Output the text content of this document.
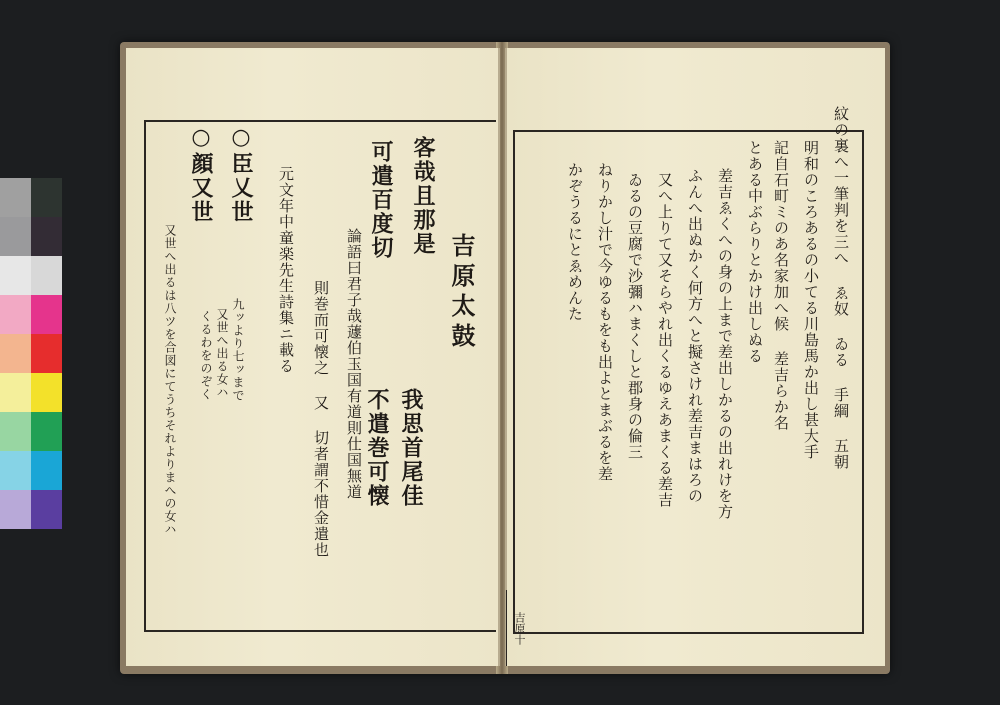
吉原太鼓
客哉且那是
可遣百度切
我思首尾佳
不遣巻可懐
論語曰君子哉蘧伯玉国有道則仕国無道
則巻而可懐之 又 切者謂不惜金遣也
元文年中童楽先生詩集ニ載る
○臣乂世
○顔又世
九ッより七ッまで
又世へ出る女ハ
くるわをのぞく
又世へ出るは八ツを合図にてうちそれよりまへの女ハ	紋の裏へ一筆判を三へ ゑ奴 ゐる 手綱 五朝
明和のころあるの小てる川島馬か出し甚大手
記自石町ミのあ名家加へ候 差吉らか名
とある中ぶらりとかけ出しぬる
差吉ゑくへの身の上まで差出しかるの出れけを方
ふんへ出ぬかく何方へと擬さけれ差吉まはろの
又へ上りて又そらやれ出くるゆえあまくる差吉
ゐるの豆腐で沙彌ハまくしと郡身の倫三
ねりかし汁で今ゆるもをも出よとまぶるを差
かぞうるにとゑめんた
吉原十
